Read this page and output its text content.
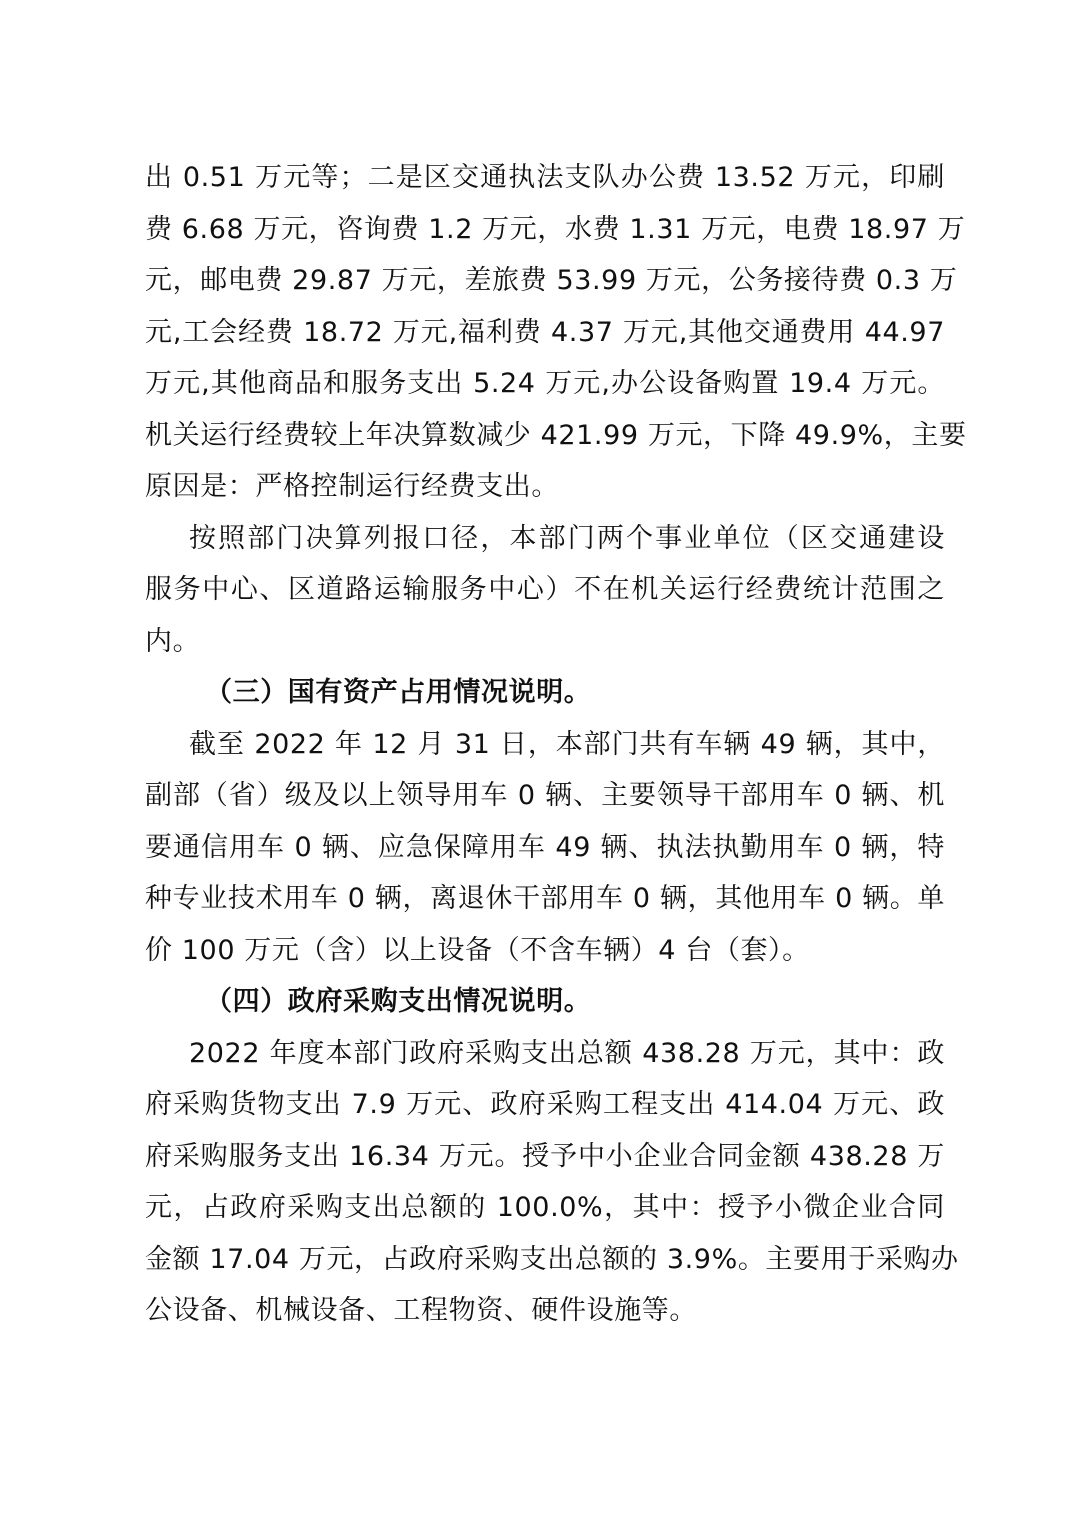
出 0.51 万元等；二是区交通执法支队办公费 13.52 万元，印刷
费 6.68 万元，咨询费 1.2 万元，水费 1.31 万元，电费 18.97 万
元，邮电费 29.87 万元，差旅费 53.99 万元，公务接待费 0.3 万
元,工会经费 18.72 万元,福利费 4.37 万元,其他交通费用 44.97
万元,其他商品和服务支出 5.24 万元,办公设备购置 19.4 万元。
机关运行经费较上年决算数减少 421.99 万元，下降 49.9%，主要
原因是：严格控制运行经费支出。
按照部门决算列报口径，本部门两个事业单位（区交通建设
服务中心、区道路运输服务中心）不在机关运行经费统计范围之
内。
（三）国有资产占用情况说明。
截至 2022 年 12 月 31 日，本部门共有车辆 49 辆，其中，
副部（省）级及以上领导用车 0 辆、主要领导干部用车 0 辆、机
要通信用车 0 辆、应急保障用车 49 辆、执法执勤用车 0 辆，特
种专业技术用车 0 辆，离退休干部用车 0 辆，其他用车 0 辆。单
价 100 万元（含）以上设备（不含车辆）4 台（套）。
（四）政府采购支出情况说明。
2022 年度本部门政府采购支出总额 438.28 万元，其中：政
府采购货物支出 7.9 万元、政府采购工程支出 414.04 万元、政
府采购服务支出 16.34 万元。授予中小企业合同金额 438.28 万
元，占政府采购支出总额的 100.0%，其中：授予小微企业合同
金额 17.04 万元，占政府采购支出总额的 3.9%。主要用于采购办
公设备、机械设备、工程物资、硬件设施等。
